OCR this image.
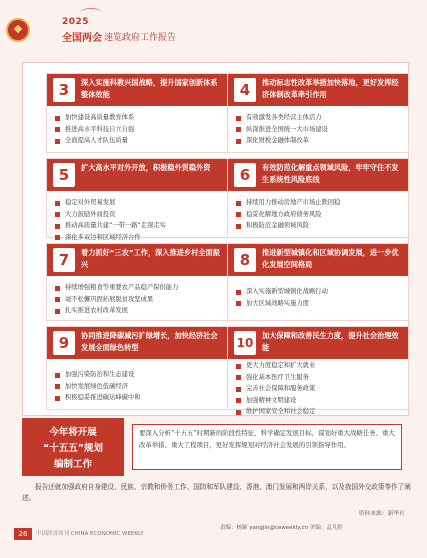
2025
全国两会 速览政府工作报告
3	深入实施科教兴国战略，提升国家创新体系整体效能
加快建设高质量教育体系
推进高水平科技自立自强
全面提高人才队伍质量
4	推动标志性改革举措加快落地，更好发挥经济体制改革牵引作用
有效激发各类经营主体活力
纵深推进全国统一大市场建设
深化财税金融体制改革
5	扩大高水平对外开放，积极稳外贸稳外资
稳定对外贸易发展
大力鼓励外商投资
推动高质量共建“一带一路”走深走实
深化多双边和区域经济合作
6	有效防范化解重点领域风险，牢牢守住不发生系统性风险底线
持续用力推动房地产市场止跌回稳
稳妥化解地方政府债务风险
积极防范金融领域风险
7	着力抓好“三农”工作，深入推进乡村全面振兴
持续增强粮食等重要农产品稳产保供能力
毫不松懈巩固拓展脱贫攻坚成果
扎实推进农村改革发展
8	推进新型城镇化和区域协调发展，进一步优化发展空间格局
深入实施新型城镇化战略行动
加大区域战略实施力度
9	协同推进降碳减污扩绿增长，加快经济社会发展全面绿色转型
加强污染防治和生态建设
加快发展绿色低碳经济
积极稳妥推进碳达峰碳中和
10
加大保障和改善民生力度，提升社会治理效能
更大力度稳定和扩大就业
强化基本医疗卫生服务
完善社会保障和服务政策
加强精神文明建设
维护国家安全和社会稳定
今年将开展
“十五五”规划
编制工作
要深入分析“十五五”时期新的阶段性特征，科学确定发展目标，谋划好重大战略任务、重大改革举措、重大工程项目，更好发挥规划对经济社会发展的引领指导作用。
报告还就加强政府自身建设、民族、宗教和侨务工作、国防和军队建设、香港、澳门发展和两岸关系，以及我国外交政策等作了阐述。
资料来源：新华社
26	中国经济周刊 CHINA ECONOMIC WEEKLY
责编：杨颖 yangjin@ceweekly.cn 美编：孟凡婷
